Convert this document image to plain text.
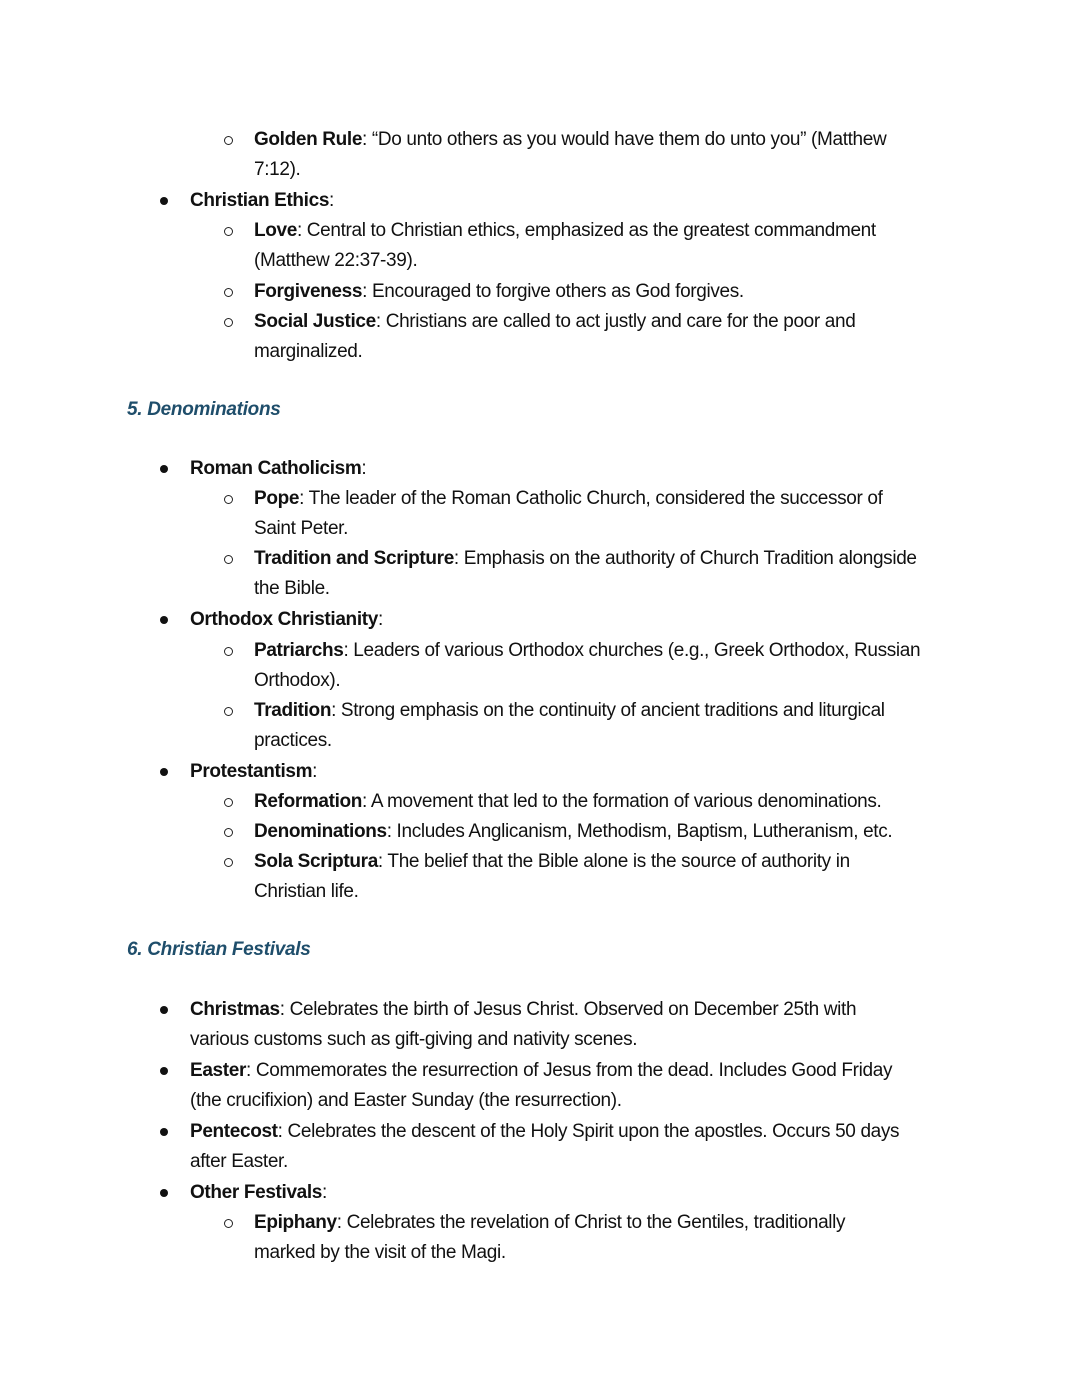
Golden Rule: “Do unto others as you would have them do unto you” (Matthew
7:12).
Christian Ethics:
Love: Central to Christian ethics, emphasized as the greatest commandment
(Matthew 22:37-39).
Forgiveness: Encouraged to forgive others as God forgives.
Social Justice: Christians are called to act justly and care for the poor and
marginalized.
5. Denominations
Roman Catholicism:
Pope: The leader of the Roman Catholic Church, considered the successor of
Saint Peter.
Tradition and Scripture: Emphasis on the authority of Church Tradition alongside
the Bible.
Orthodox Christianity:
Patriarchs: Leaders of various Orthodox churches (e.g., Greek Orthodox, Russian
Orthodox).
Tradition: Strong emphasis on the continuity of ancient traditions and liturgical
practices.
Protestantism:
Reformation: A movement that led to the formation of various denominations.
Denominations: Includes Anglicanism, Methodism, Baptism, Lutheranism, etc.
Sola Scriptura: The belief that the Bible alone is the source of authority in
Christian life.
6. Christian Festivals
Christmas: Celebrates the birth of Jesus Christ. Observed on December 25th with
various customs such as gift-giving and nativity scenes.
Easter: Commemorates the resurrection of Jesus from the dead. Includes Good Friday
(the crucifixion) and Easter Sunday (the resurrection).
Pentecost: Celebrates the descent of the Holy Spirit upon the apostles. Occurs 50 days
after Easter.
Other Festivals:
Epiphany: Celebrates the revelation of Christ to the Gentiles, traditionally
marked by the visit of the Magi.
